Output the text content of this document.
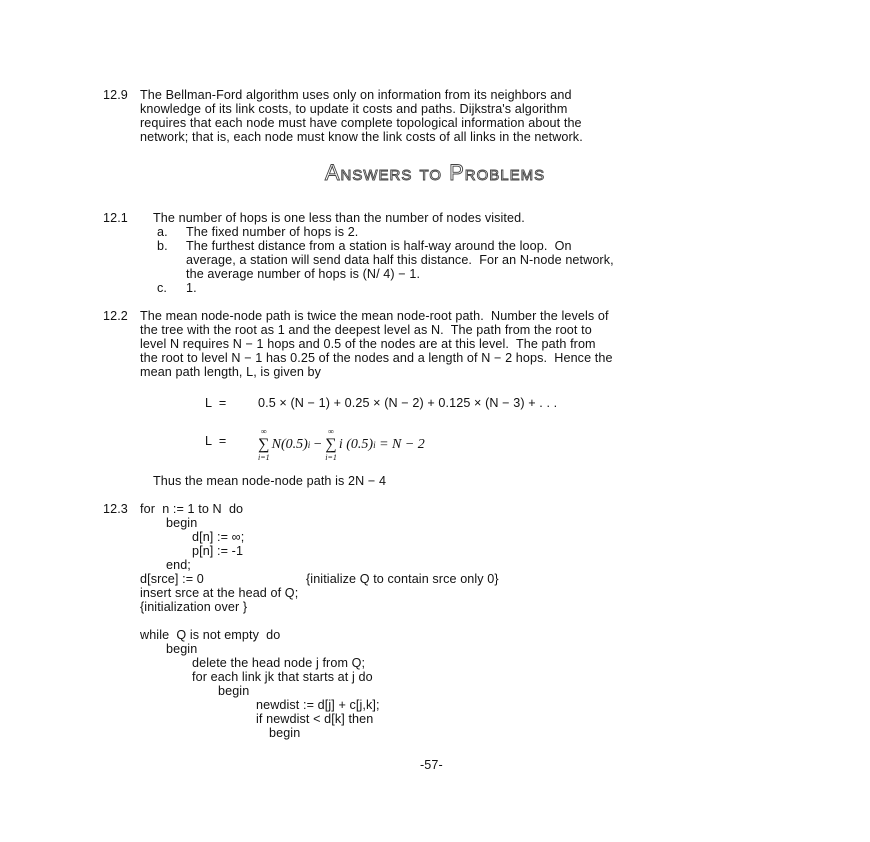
12.9 The Bellman-Ford algorithm uses only on information from its neighbors and
knowledge of its link costs, to update it costs and paths. Dijkstra's algorithm
requires that each node must have complete topological information about the
network; that is, each node must know the link costs of all links in the network.
Answers to Problems
12.1 The number of hops is one less than the number of nodes visited.
a. The fixed number of hops is 2.
b. The furthest distance from a station is half-way around the loop.  On
average, a station will send data half this distance.  For an N-node network,
the average number of hops is (N/ 4) − 1.
c. 1.
12.2 The mean node-node path is twice the mean node-root path.  Number the levels of
the tree with the root as 1 and the deepest level as N.  The path from the root to
level N requires N − 1 hops and 0.5 of the nodes are at this level.  The path from
the root to level N − 1 has 0.25 of the nodes and a length of N − 2 hops.  Hence the
mean path length, L, is given by
L  =	0.5 × (N − 1) + 0.25 × (N − 2) + 0.125 × (N − 3) + . . .
L  =
∞
∑
i=1
N(0.5) i −
∞
∑
i=1
i (0.5) i = N − 2
Thus the mean node-node path is 2N − 4
12.3 for  n := 1 to N  do
begin
d[n] := ∞;
p[n] := -1
end;
d[srce] := 0	{initialize Q to contain srce only 0}
insert srce at the head of Q;
{initialization over }
while  Q is not empty  do
begin
delete the head node j from Q;
for each link jk that starts at j do
begin
newdist := d[j] + c[j,k];
if newdist < d[k] then
begin
-57-
